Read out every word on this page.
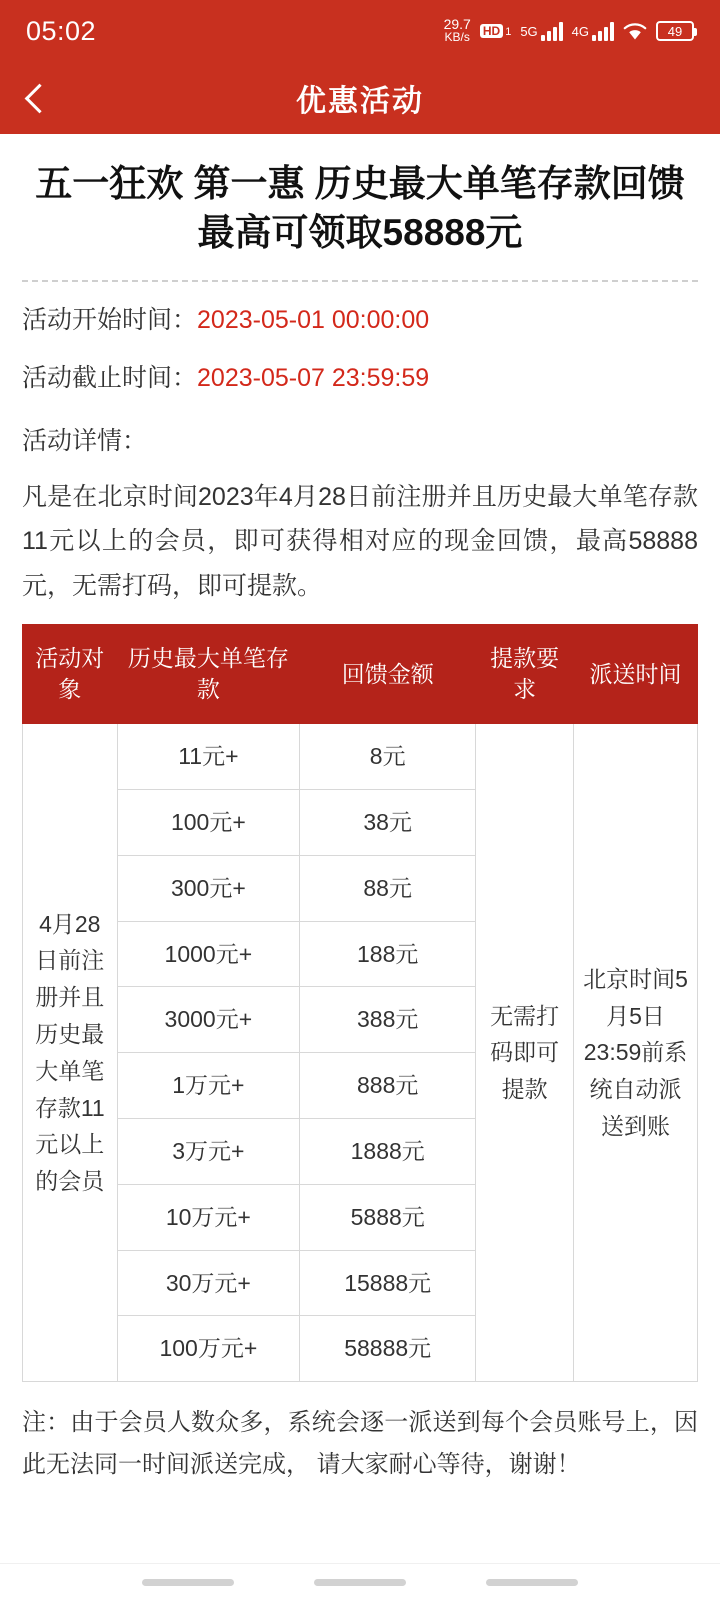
05:02	29.7
KB/s HD 1 5G	4G	49
优惠活动
五一狂欢 第一惠 历史最大单笔存款回馈 最高可领取58888元
活动开始时间：2023-05-01 00:00:00
活动截止时间：2023-05-07 23:59:59
活动详情：
凡是在北京时间2023年4月28日前注册并且历史最大单笔存款11元以上的会员，即可获得相对应的现金回馈，最高58888元，无需打码，即可提款。
活动对象	历史最大单笔存款	回馈金额	提款要求	派送时间
4月28日前注册并且历史最大单笔存款11元以上的会员	11元+	8元	无需打码即可提款	北京时间5月5日23:59前系统自动派送到账
	100元+	38元		
	300元+	88元		
	1000元+	188元		
	3000元+	388元		
	1万元+	888元		
	3万元+	1888元		
	10万元+	5888元		
	30万元+	15888元		
	100万元+	58888元		
注：由于会员人数众多，系统会逐一派送到每个会员账号上，因此无法同一时间派送完成， 请大家耐心等待，谢谢！
